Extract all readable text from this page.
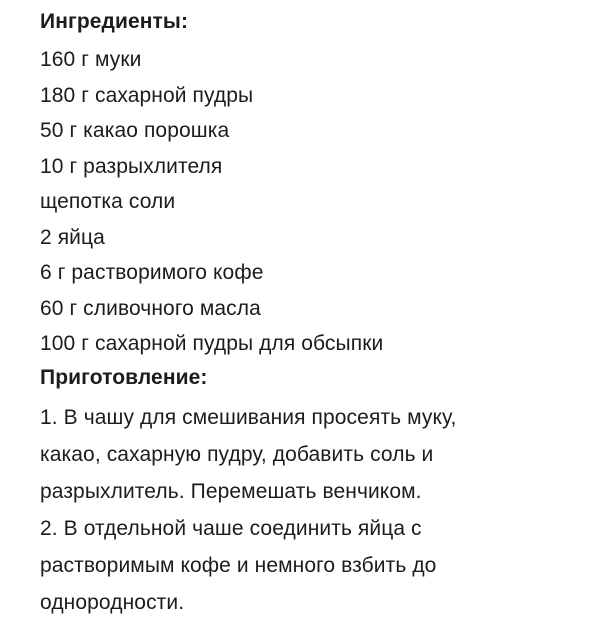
Ингредиенты:
160 г муки
180 г сахарной пудры
50 г какао порошка
10 г разрыхлителя
щепотка соли
2 яйца
6 г растворимого кофе
60 г сливочного масла
100 г сахарной пудры для обсыпки
Приготовление:

1. В чашу для смешивания просеять муку,
какао, сахарную пудру, добавить соль и
разрыхлитель. Перемешать венчиком.

2. В отдельной чаше соединить яйца с
растворимым кофе и немного взбить до
однородности.
